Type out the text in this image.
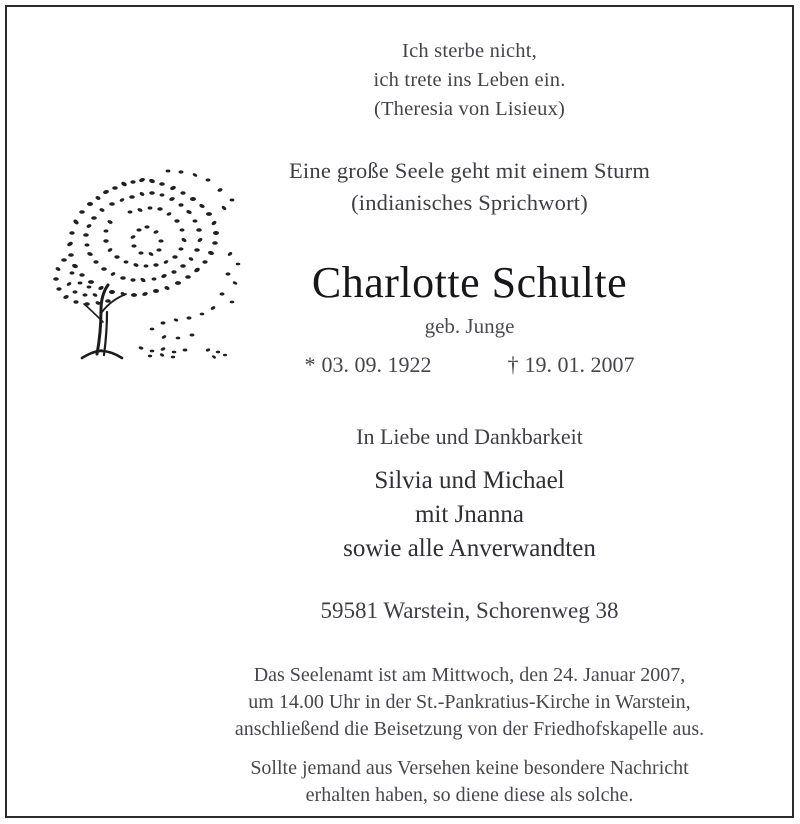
Ich sterbe nicht,
ich trete ins Leben ein.
(Theresia von Lisieux)
Eine große Seele geht mit einem Sturm
(indianisches Sprichwort)
Charlotte Schulte
geb. Junge
* 03. 09. 1922	† 19. 01. 2007
In Liebe und Dankbarkeit
Silvia und Michael
mit Jnanna
sowie alle Anverwandten
59581 Warstein, Schorenweg 38
Das Seelenamt ist am Mittwoch, den 24. Januar 2007,
um 14.00 Uhr in der St.-Pankratius-Kirche in Warstein,
anschließend die Beisetzung von der Friedhofskapelle aus.
Sollte jemand aus Versehen keine besondere Nachricht
erhalten haben, so diene diese als solche.
